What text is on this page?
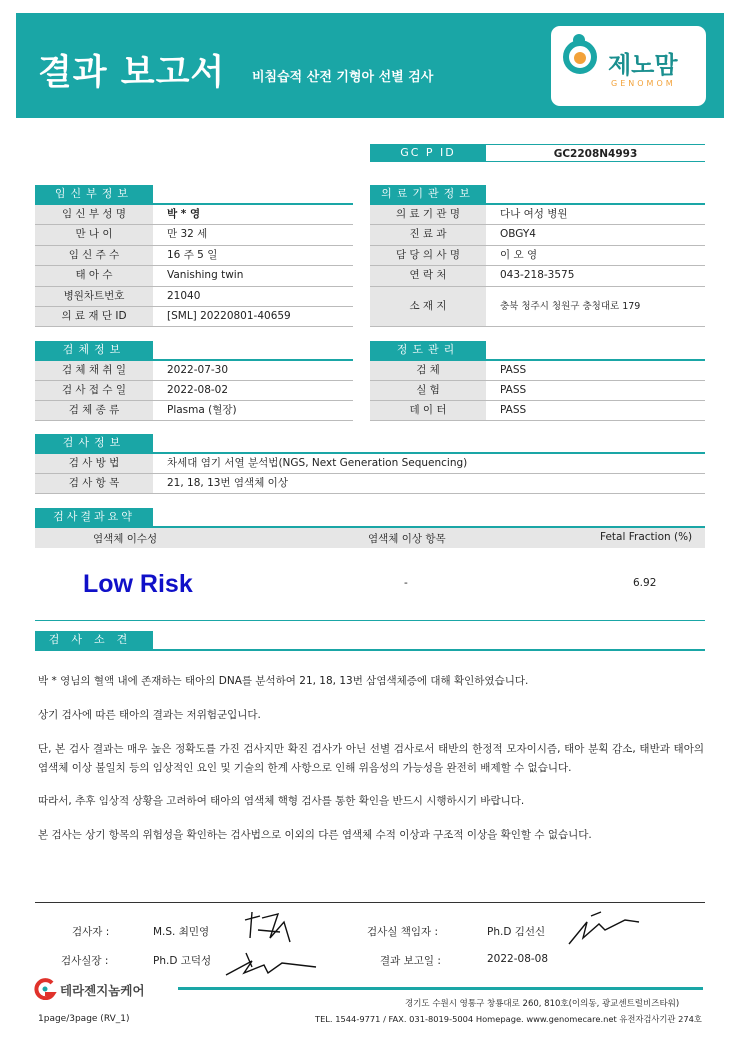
결과 보고서 비침습적 산전 기형아 선별 검사	제노맘
GENOMOM
GC P ID	GC2208N4993
임신부정보
임 신 부 성 명	박 * 영
만 나 이	만 32 세
임 신 주 수	16 주 5 일
태 아 수	Vanishing twin
병원차트번호	21040
의 료 재 단 ID	[SML] 20220801-40659
의료기관정보
의 료 기 관 명	다나 여성 병원
진 료 과	OBGY4
담 당 의 사 명	이 오 영
연 락 처	043-218-3575
소 재 지	충북 청주시 청원구 충청대로 179
검체정보
검 체 채 취 일	2022-07-30
검 사 접 수 일	2022-08-02
검 체 종 류	Plasma (혈장)
정도관리
검 체	PASS
실 험	PASS
데 이 터	PASS
검사정보
검 사 방 법	차세대 염기 서열 분석법(NGS, Next Generation Sequencing)
검 사 항 목	21, 18, 13번 염색체 이상
검사결과요약
염색체 이수성	염색체 이상 항목	Fetal Fraction (%)
Low Risk	-	6.92
검사소견
박 * 영님의 혈액 내에 존재하는 태아의 DNA를 분석하여 21, 18, 13번 삼염색체증에 대해 확인하였습니다.
상기 검사에 따른 태아의 결과는 저위험군입니다.
단, 본 검사 결과는 매우 높은 정확도를 가진 검사지만 확진 검사가 아닌 선별 검사로서 태반의 한정적 모자이시즘, 태아 분획 감소, 태반과 태아의 염색체 이상 불일치 등의 임상적인 요인 및 기술의 한계 사항으로 인해 위음성의 가능성을 완전히 배제할 수 없습니다.
따라서, 추후 임상적 상황을 고려하여 태아의 염색체 핵형 검사를 통한 확인을 반드시 시행하시기 바랍니다.
본 검사는 상기 항목의 위험성을 확인하는 검사법으로 이외의 다른 염색체 수적 이상과 구조적 이상을 확인할 수 없습니다.
검사자 :	M.S. 최민영	검사실 책임자 :	Ph.D 김선신
검사실장 :	Ph.D 고덕성	결과 보고일 :	2022-08-08
테라젠지놈케어
경기도 수원시 영통구 창룡대로 260, 810호(이의동, 광교센트럴비즈타워)
1page/3page (RV_1)	TEL. 1544-9771 / FAX. 031-8019-5004 Homepage. www.genomecare.net 유전자검사기관 274호
